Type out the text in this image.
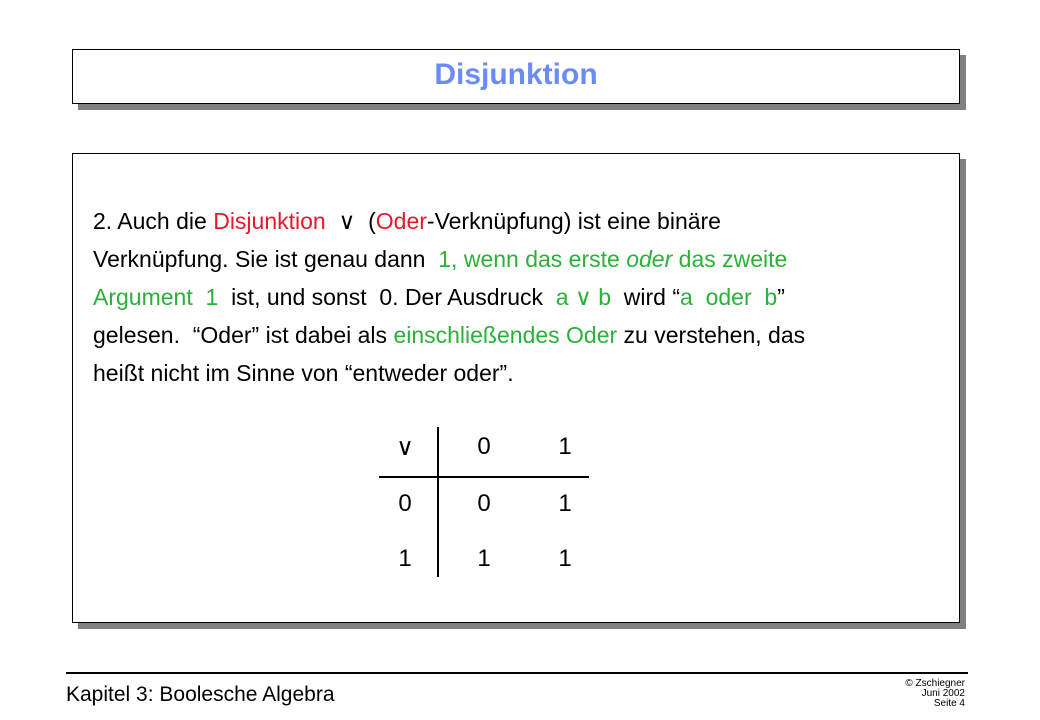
Disjunktion
2. Auch die Disjunktion  ∨  (Oder-Verknüpfung) ist eine binäre
Verknüpfung. Sie ist genau dann  1, wenn das erste oder das zweite
Argument  1  ist, und sonst  0. Der Ausdruck  a ∨ b  wird “a  oder  b”
gelesen.  “Oder” ist dabei als einschließendes Oder zu verstehen, das
heißt nicht im Sinne von “entweder oder”.
∨	0	1
0	0	1
1	1	1
Kapitel 3: Boolesche Algebra	© Zschiegner
Juni 2002
Seite 4
